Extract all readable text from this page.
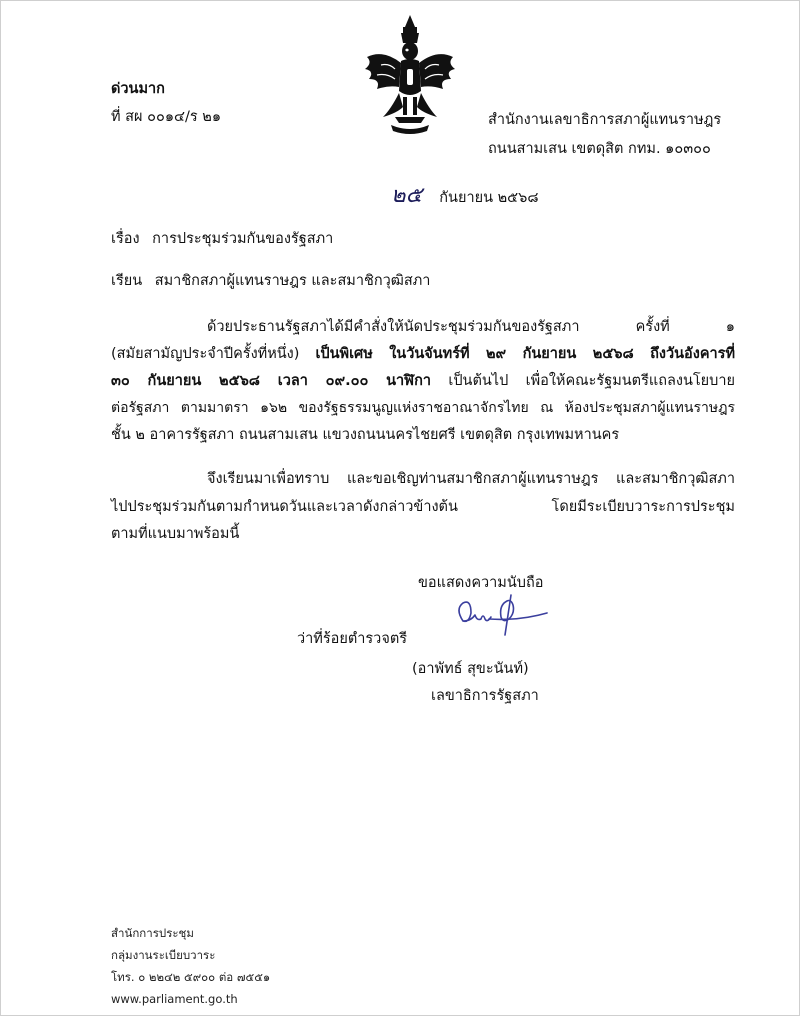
ด่วนมาก
ที่ สผ ๐๐๑๔/ร ๒๑	สำนักงานเลขาธิการสภาผู้แทนราษฎร
ถนนสามเสน เขตดุสิต กทม. ๑๐๓๐๐
๒๕ กันยายน ๒๕๖๘
เรื่อง การประชุมร่วมกันของรัฐสภา
เรียน สมาชิกสภาผู้แทนราษฎร และสมาชิกวุฒิสภา
ด้วยประธานรัฐสภาได้มีคำสั่งให้นัดประชุมร่วมกันของรัฐสภา ครั้งที่ ๑
(สมัยสามัญประจำปีครั้งที่หนึ่ง) เป็นพิเศษ ในวันจันทร์ที่ ๒๙ กันยายน ๒๕๖๘ ถึงวันอังคารที่
๓๐ กันยายน ๒๕๖๘ เวลา ๐๙.๐๐ นาฬิกา เป็นต้นไป เพื่อให้คณะรัฐมนตรีแถลงนโยบาย
ต่อรัฐสภา ตามมาตรา ๑๖๒ ของรัฐธรรมนูญแห่งราชอาณาจักรไทย ณ ห้องประชุมสภาผู้แทนราษฎร
ชั้น ๒ อาคารรัฐสภา ถนนสามเสน แขวงถนนนครไชยศรี เขตดุสิต กรุงเทพมหานคร
จึงเรียนมาเพื่อทราบ และขอเชิญท่านสมาชิกสภาผู้แทนราษฎร และสมาชิกวุฒิสภา
ไปประชุมร่วมกันตามกำหนดวันและเวลาดังกล่าวข้างต้น โดยมีระเบียบวาระการประชุม
ตามที่แนบมาพร้อมนี้
ขอแสดงความนับถือ
ว่าที่ร้อยตำรวจตรี
(อาพัทธ์ สุขะนันท์)
เลขาธิการรัฐสภา
สำนักการประชุม
กลุ่มงานระเบียบวาระ
โทร. ๐ ๒๒๔๒ ๕๙๐๐ ต่อ ๗๕๕๑
www.parliament.go.th
